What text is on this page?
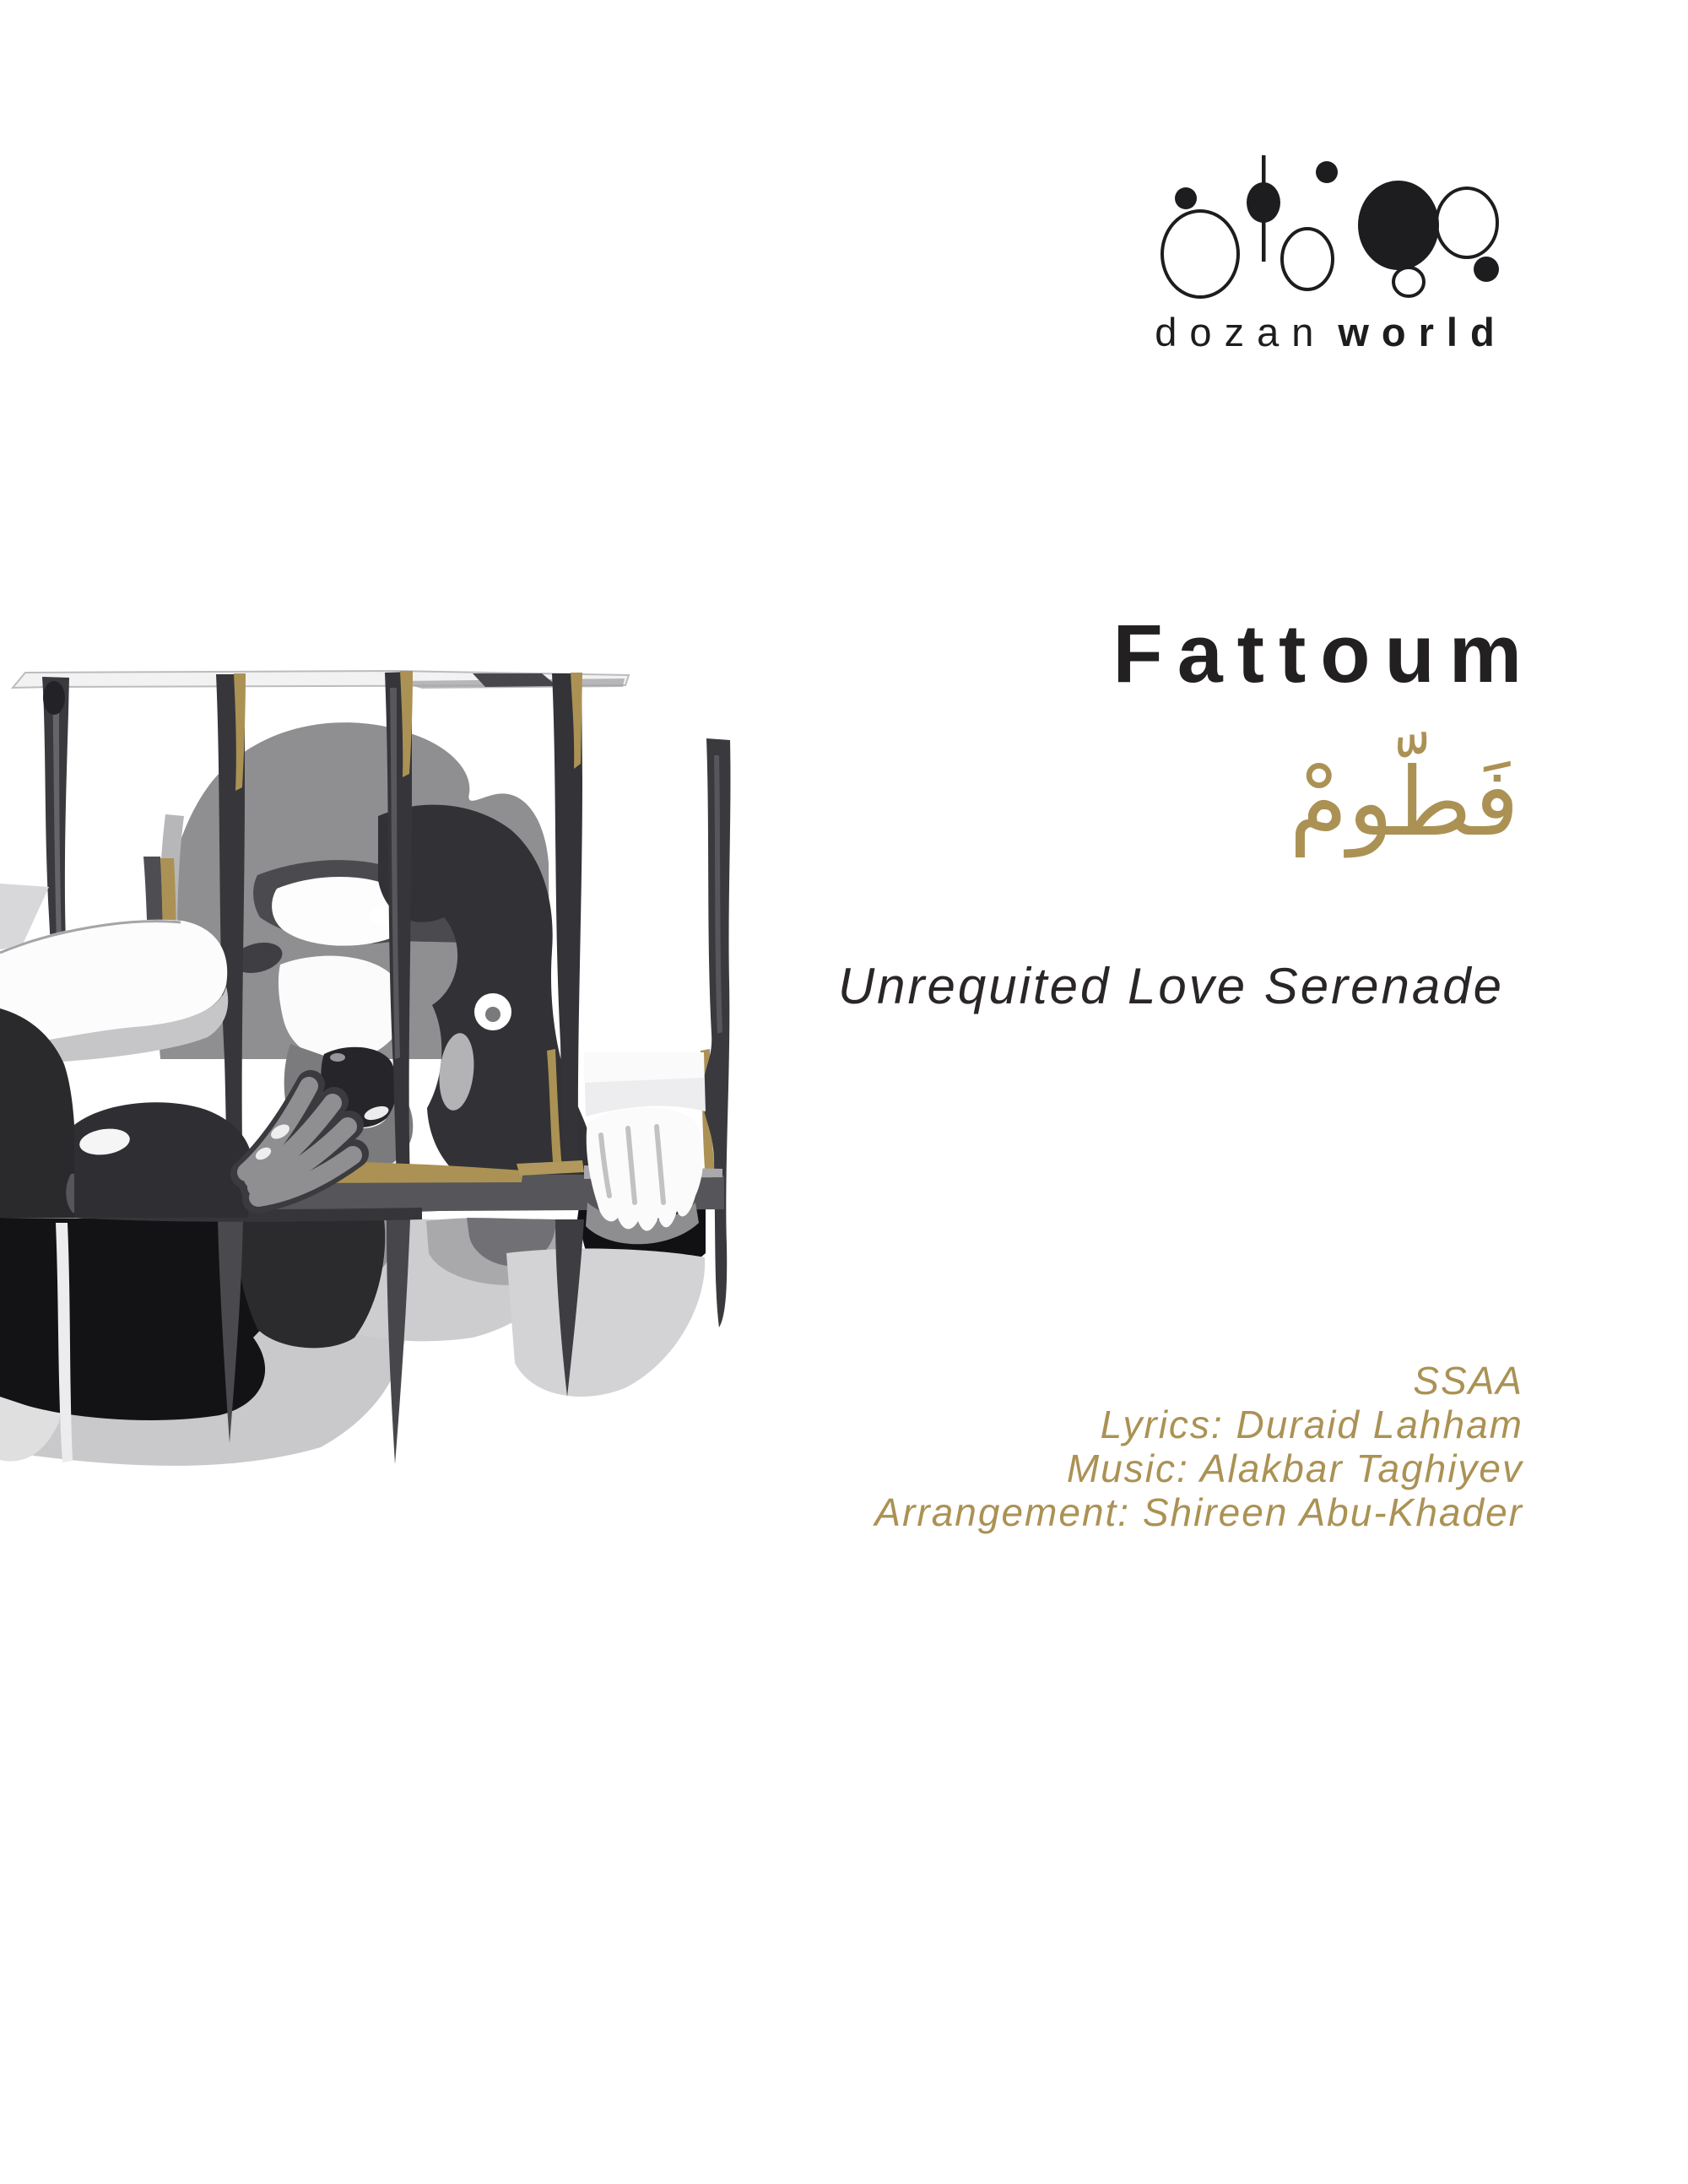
dozan world
Fattoum
فَطّومْ
Unrequited Love Serenade
SSAA
Lyrics: Duraid Lahham
Music: Alakbar Taghiyev
Arrangement: Shireen Abu-Khader
